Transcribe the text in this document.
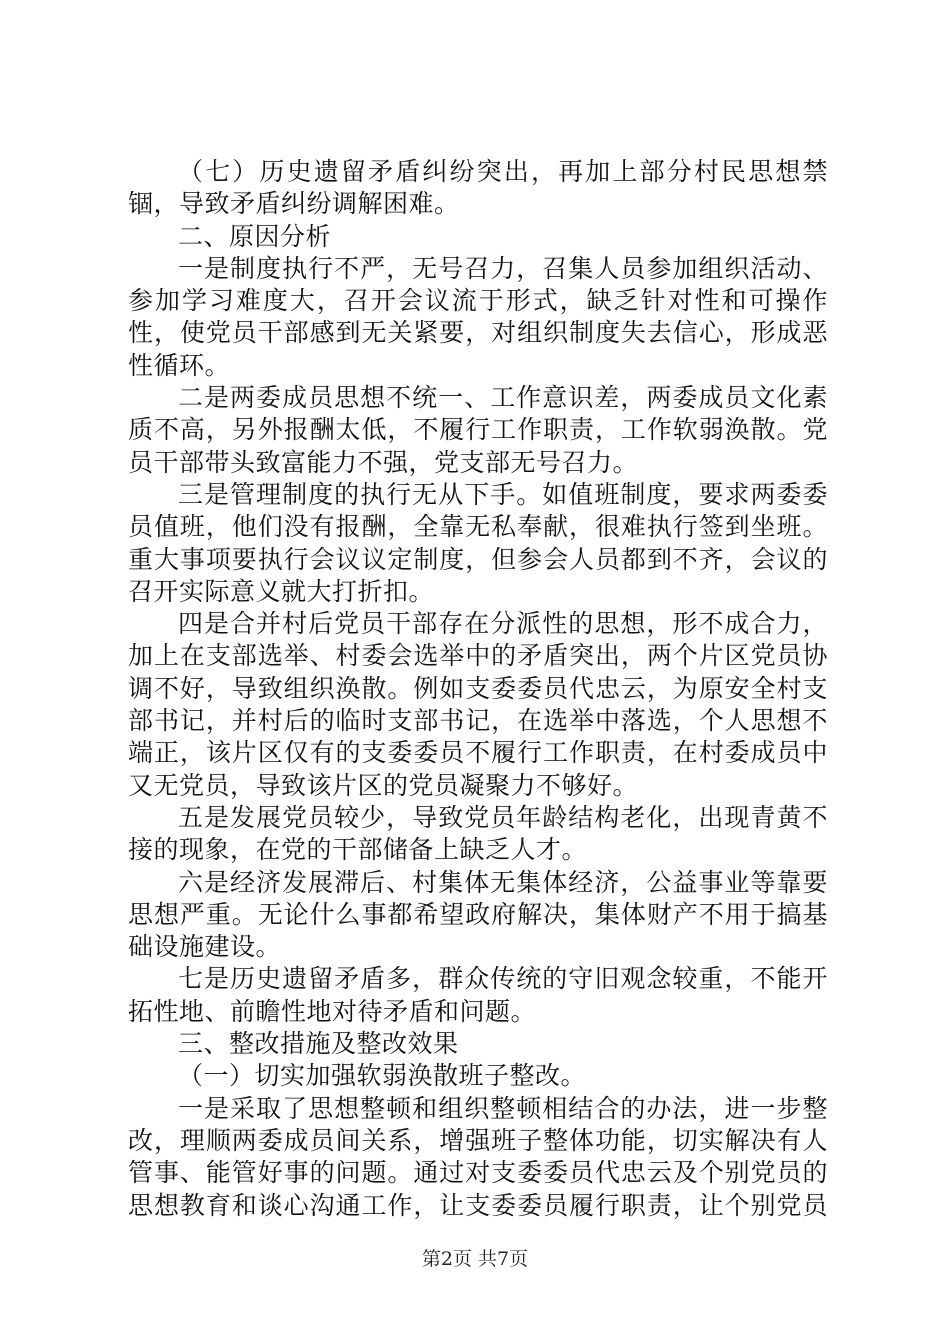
（七）历史遗留矛盾纠纷突出，再加上部分村民思想禁锢，导致矛盾纠纷调解困难。

二、原因分析

一是制度执行不严，无号召力，召集人员参加组织活动、参加学习难度大，召开会议流于形式，缺乏针对性和可操作性，使党员干部感到无关紧要，对组织制度失去信心，形成恶性循环。

二是两委成员思想不统一、工作意识差，两委成员文化素质不高，另外报酬太低，不履行工作职责，工作软弱涣散。党员干部带头致富能力不强，党支部无号召力。

三是管理制度的执行无从下手。如值班制度，要求两委委员值班，他们没有报酬，全靠无私奉献，很难执行签到坐班。重大事项要执行会议议定制度，但参会人员都到不齐，会议的召开实际意义就大打折扣。

四是合并村后党员干部存在分派性的思想，形不成合力，加上在支部选举、村委会选举中的矛盾突出，两个片区党员协调不好，导致组织涣散。例如支委委员代忠云，为原安全村支部书记，并村后的临时支部书记，在选举中落选，个人思想不端正，该片区仅有的支委委员不履行工作职责，在村委成员中又无党员，导致该片区的党员凝聚力不够好。

五是发展党员较少，导致党员年龄结构老化，出现青黄不接的现象，在党的干部储备上缺乏人才。

六是经济发展滞后、村集体无集体经济，公益事业等靠要思想严重。无论什么事都希望政府解决，集体财产不用于搞基础设施建设。

七是历史遗留矛盾多，群众传统的守旧观念较重，不能开拓性地、前瞻性地对待矛盾和问题。

三、整改措施及整改效果

（一）切实加强软弱涣散班子整改。

一是采取了思想整顿和组织整顿相结合的办法，进一步整改，理顺两委成员间关系，增强班子整体功能，切实解决有人管事、能管好事的问题。通过对支委委员代忠云及个别党员的思想教育和谈心沟通工作，让支委委员履行职责，让个别党员

第2页 共7页
